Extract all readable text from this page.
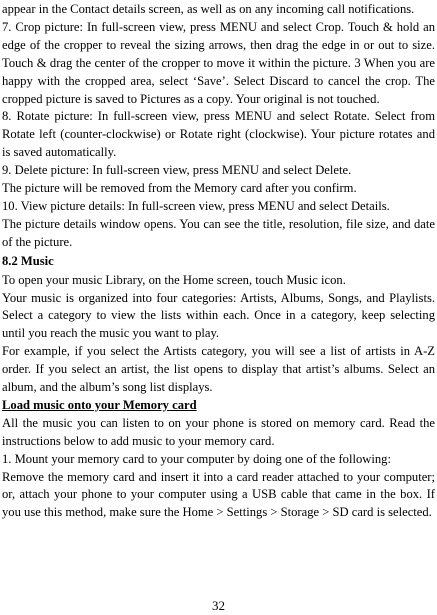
appear in the Contact details screen, as well as on any incoming call notifications.

7. Crop picture: In full-screen view, press MENU and select Crop. Touch & hold an edge of the cropper to reveal the sizing arrows, then drag the edge in or out to size. Touch & drag the center of the cropper to move it within the picture. 3 When you are happy with the cropped area, select ‘Save’. Select Discard to cancel the crop. The cropped picture is saved to Pictures as a copy. Your original is not touched.

8. Rotate picture: In full-screen view, press MENU and select Rotate. Select from Rotate left (counter-clockwise) or Rotate right (clockwise). Your picture rotates and is saved automatically.

9. Delete picture: In full-screen view, press MENU and select Delete.

The picture will be removed from the Memory card after you confirm.

10. View picture details: In full-screen view, press MENU and select Details.

The picture details window opens. You can see the title, resolution, file size, and date of the picture.

8.2 Music

To open your music Library, on the Home screen, touch Music icon.

Your music is organized into four categories: Artists, Albums, Songs, and Playlists. Select a category to view the lists within each. Once in a category, keep selecting until you reach the music you want to play.

For example, if you select the Artists category, you will see a list of artists in A-Z order. If you select an artist, the list opens to display that artist’s albums. Select an album, and the album’s song list displays.

Load music onto your Memory card

All the music you can listen to on your phone is stored on memory card. Read the instructions below to add music to your memory card.

1. Mount your memory card to your computer by doing one of the following:

Remove the memory card and insert it into a card reader attached to your computer; or, attach your phone to your computer using a USB cable that came in the box. If you use this method, make sure the Home > Settings > Storage > SD card is selected.

32
